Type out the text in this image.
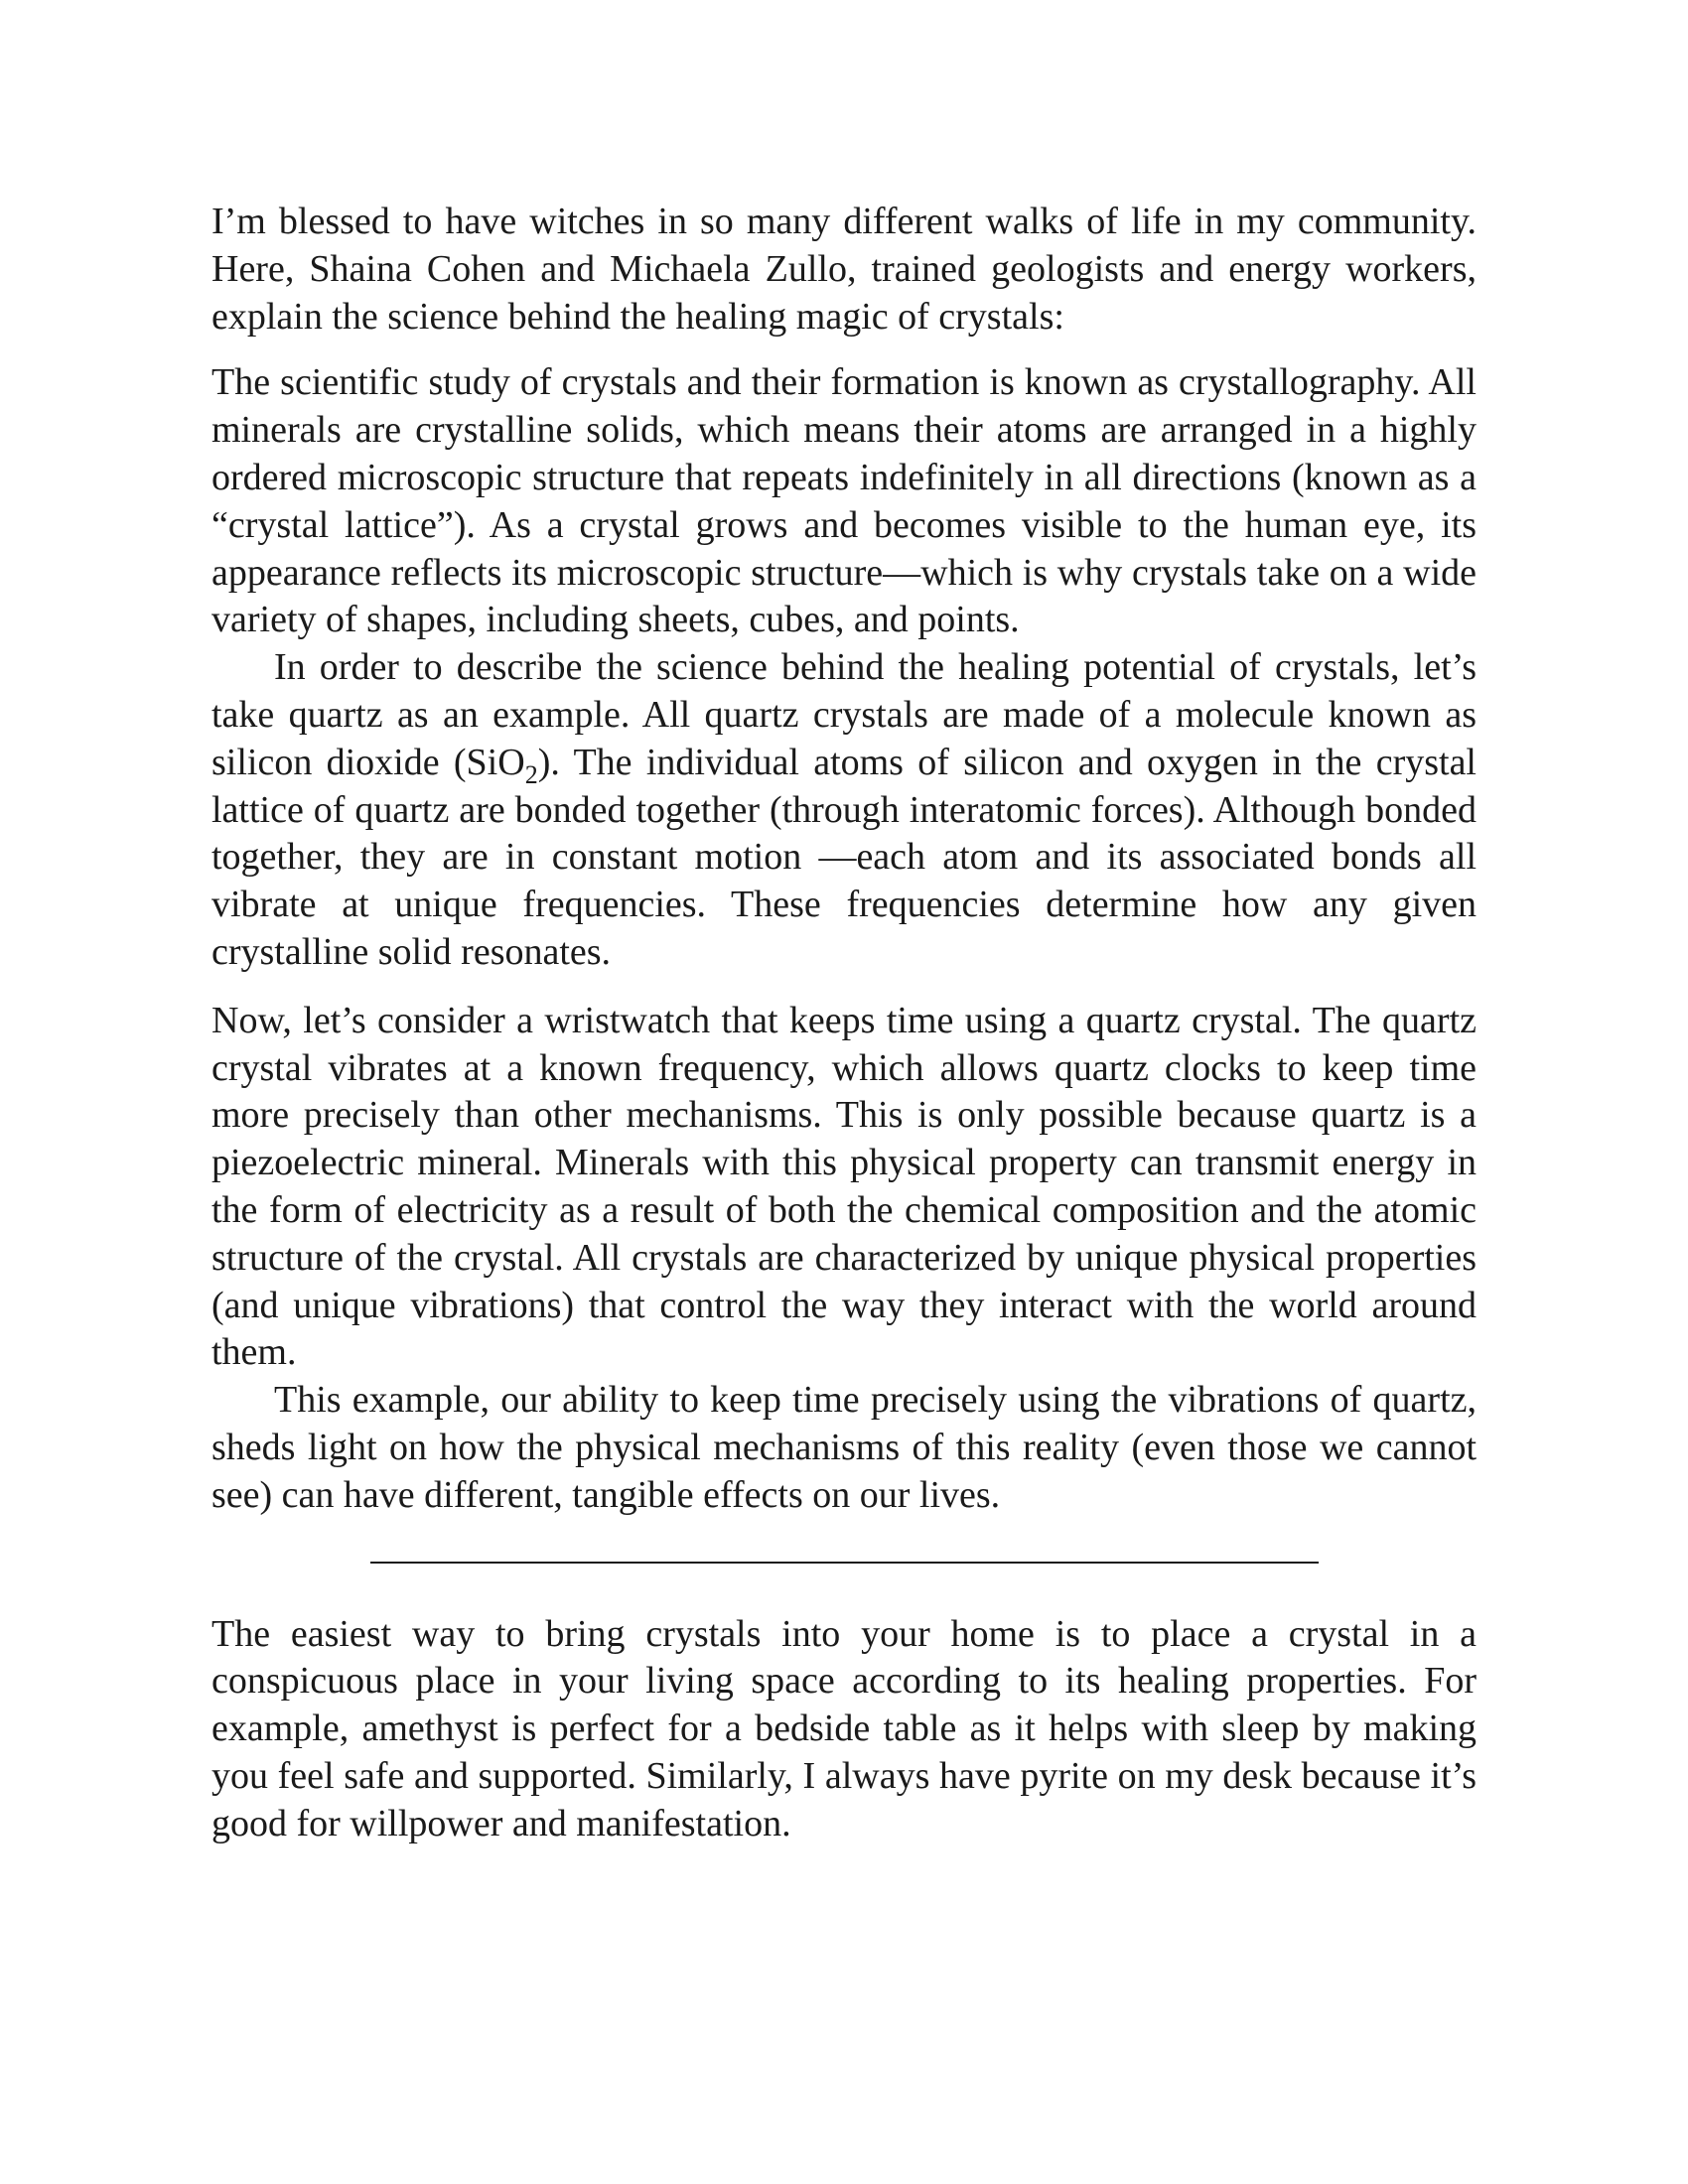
I’m blessed to have witches in so many different walks of life in my community. Here, Shaina Cohen and Michaela Zullo, trained geologists and energy workers, explain the science behind the healing magic of crystals:

The scientific study of crystals and their formation is known as crystallography. All minerals are crystalline solids, which means their atoms are arranged in a highly ordered microscopic structure that repeats indefinitely in all directions (known as a “crystal lattice”). As a crystal grows and becomes visible to the human eye, its appearance reflects its microscopic structure—which is why crystals take on a wide variety of shapes, including sheets, cubes, and points.

In order to describe the science behind the healing potential of crystals, let’s take quartz as an example. All quartz crystals are made of a molecule known as silicon dioxide (SiO$_2$). The individual atoms of silicon and oxygen in the crystal lattice of quartz are bonded together (through interatomic forces). Although bonded together, they are in constant motion —each atom and its associated bonds all vibrate at unique frequencies. These frequencies determine how any given crystalline solid resonates.

Now, let’s consider a wristwatch that keeps time using a quartz crystal. The quartz crystal vibrates at a known frequency, which allows quartz clocks to keep time more precisely than other mechanisms. This is only possible because quartz is a piezoelectric mineral. Minerals with this physical property can transmit energy in the form of electricity as a result of both the chemical composition and the atomic structure of the crystal. All crystals are characterized by unique physical properties (and unique vibrations) that control the way they interact with the world around them.

This example, our ability to keep time precisely using the vibrations of quartz, sheds light on how the physical mechanisms of this reality (even those we cannot see) can have different, tangible effects on our lives.

The easiest way to bring crystals into your home is to place a crystal in a conspicuous place in your living space according to its healing properties. For example, amethyst is perfect for a bedside table as it helps with sleep by making you feel safe and supported. Similarly, I always have pyrite on my desk because it’s good for willpower and manifestation.
